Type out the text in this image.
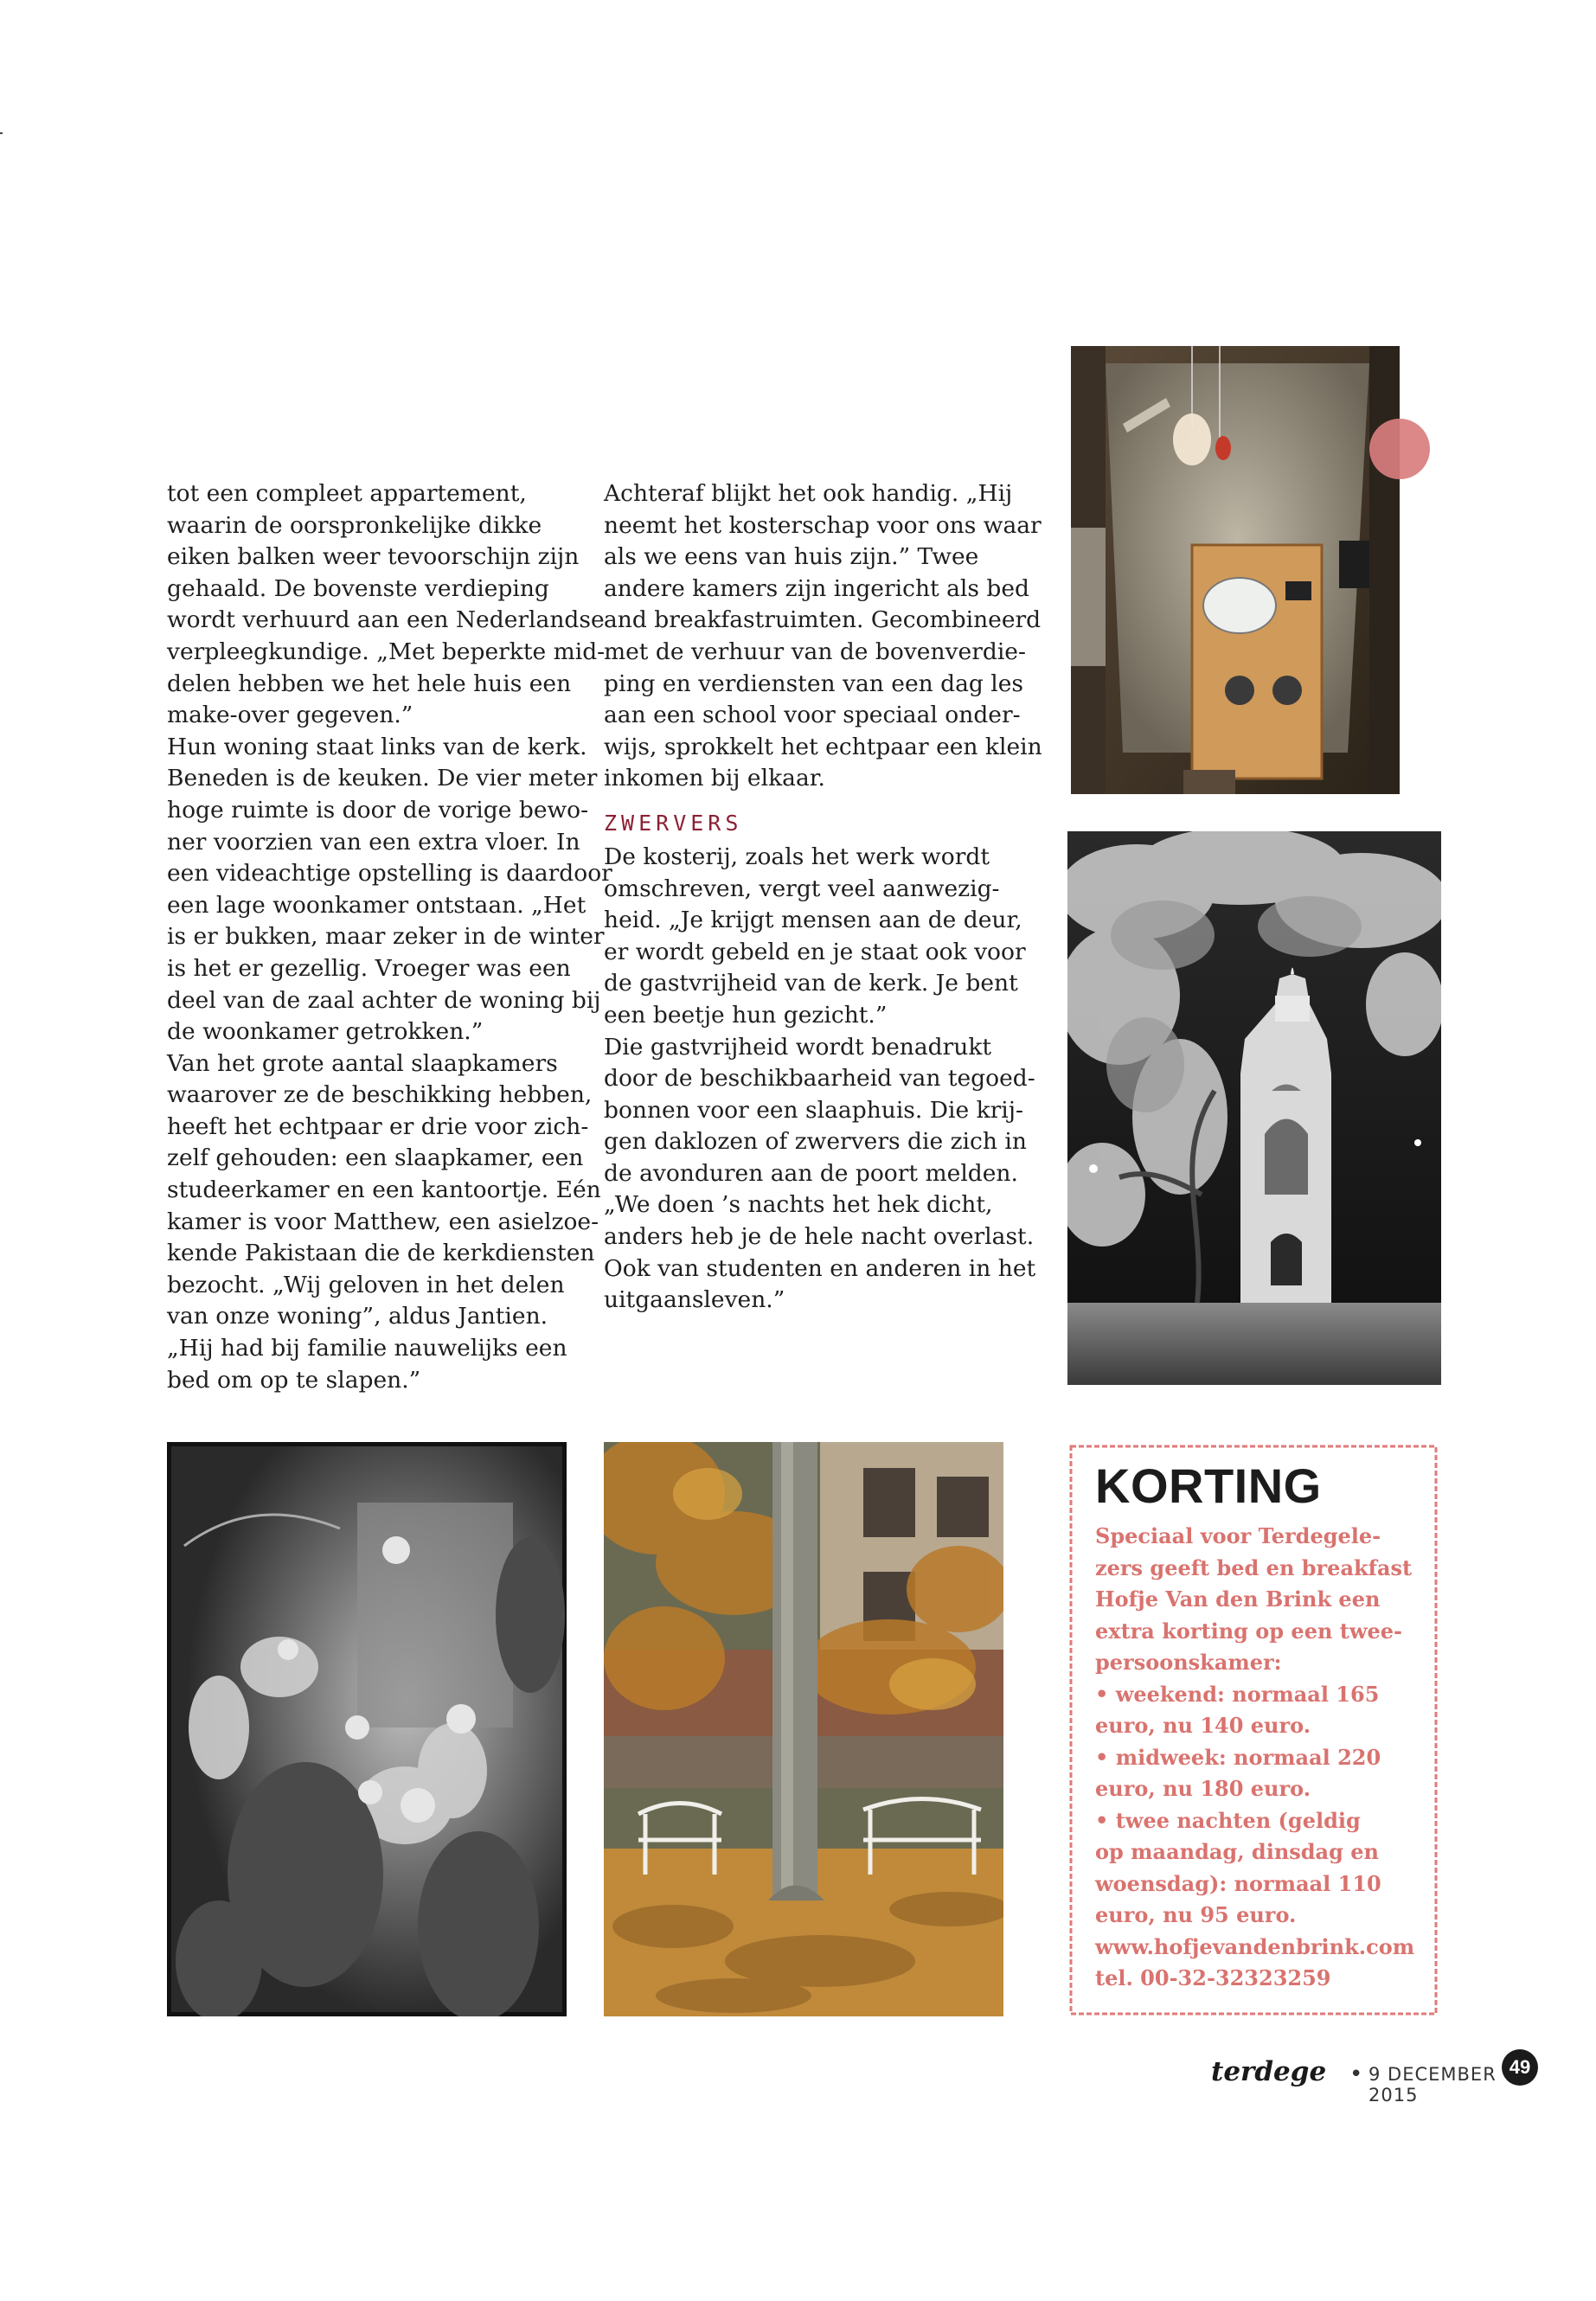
tot een compleet appartement,

waarin de oorspronkelijke dikke

eiken balken weer tevoorschijn zijn

gehaald. De bovenste verdieping

wordt verhuurd aan een Nederlandse

verpleegkundige. „Met beperkte mid-

delen hebben we het hele huis een

make-over gegeven.”

Hun woning staat links van de kerk.

Beneden is de keuken. De vier meter

hoge ruimte is door de vorige bewo-

ner voorzien van een extra vloer. In

een videachtige opstelling is daardoor

een lage woonkamer ontstaan. „Het

is er bukken, maar zeker in de winter

is het er gezellig. Vroeger was een

deel van de zaal achter de woning bij

de woonkamer getrokken.”

Van het grote aantal slaapkamers

waarover ze de beschikking hebben,

heeft het echtpaar er drie voor zich-

zelf gehouden: een slaapkamer, een

studeerkamer en een kantoortje. Eén

kamer is voor Matthew, een asielzoe-

kende Pakistaan die de kerkdiensten

bezocht. „Wij geloven in het delen

van onze woning”, aldus Jantien.

„Hij had bij familie nauwelijks een

bed om op te slapen.”

Achteraf blijkt het ook handig. „Hij

neemt het kosterschap voor ons waar

als we eens van huis zijn.” Twee

andere kamers zijn ingericht als bed

and breakfastruimten. Gecombineerd

met de verhuur van de bovenverdie-

ping en verdiensten van een dag les

aan een school voor speciaal onder-

wijs, sprokkelt het echtpaar een klein

inkomen bij elkaar.

ZWERVERS

De kosterij, zoals het werk wordt

omschreven, vergt veel aanwezig-

heid. „Je krijgt mensen aan de deur,

er wordt gebeld en je staat ook voor

de gastvrijheid van de kerk. Je bent

een beetje hun gezicht.”

Die gastvrijheid wordt benadrukt

door de beschikbaarheid van tegoed-

bonnen voor een slaaphuis. Die krij-

gen daklozen of zwervers die zich in

de avonduren aan de poort melden.

„We doen ’s nachts het hek dicht,

anders heb je de hele nacht overlast.

Ook van studenten en anderen in het

uitgaansleven.”

KORTING
Speciaal voor Terdegele-
zers geeft bed en breakfast
Hofje Van den Brink een
extra korting op een twee-
persoonskamer:
• weekend: normaal 165
euro, nu 140 euro.
• midweek: normaal 220
euro, nu 180 euro.
• twee nachten (geldig
op maandag, dinsdag en
woensdag): normaal 110
euro, nu 95 euro.
www.hofjevandenbrink.com
tel. 00-32-32323259
terdege • 9 DECEMBER 2015
49
